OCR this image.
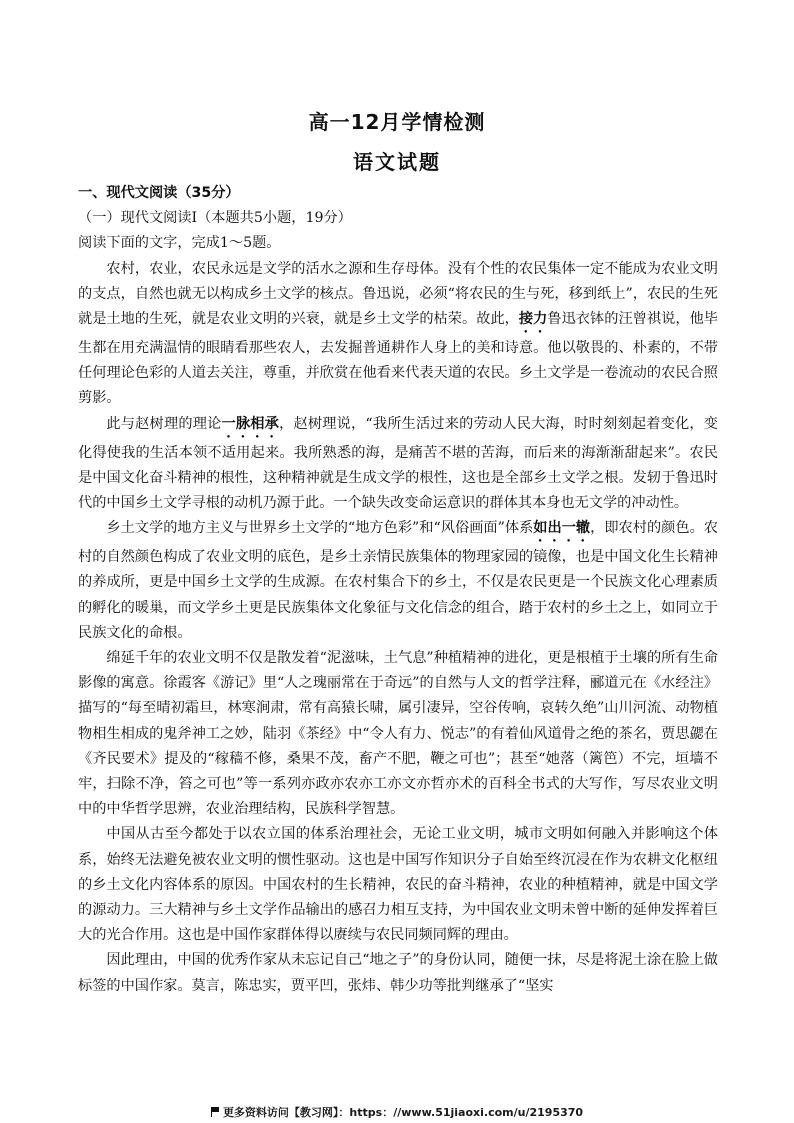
高一12月学情检测
语文试题

一、现代文阅读（35分）

（一）现代文阅读Ⅰ（本题共5小题，19分）

阅读下面的文字，完成1～5题。

农村，农业，农民永远是文学的活水之源和生存母体。没有个性的农民集体一定不能成为农业文明的支点，自然也就无以构成乡土文学的核点。鲁迅说，必须“将农民的生与死，移到纸上”，农民的生死就是土地的生死，就是农业文明的兴衰，就是乡土文学的枯荣。故此，接力鲁迅衣钵的汪曾祺说，他毕生都在用充满温情的眼睛看那些农人，去发掘普通耕作人身上的美和诗意。他以敬畏的、朴素的，不带任何理论色彩的人道去关注，尊重，并欣赏在他看来代表天道的农民。乡土文学是一卷流动的农民合照剪影。

此与赵树理的理论一脉相承，赵树理说，“我所生活过来的劳动人民大海，时时刻刻起着变化，变化得使我的生活本领不适用起来。我所熟悉的海，是痛苦不堪的苦海，而后来的海渐渐甜起来”。农民是中国文化奋斗精神的根性，这种精神就是生成文学的根性，这也是全部乡土文学之根。发轫于鲁迅时代的中国乡土文学寻根的动机乃源于此。一个缺失改变命运意识的群体其本身也无文学的冲动性。

乡土文学的地方主义与世界乡土文学的“地方色彩”和“风俗画面”体系如出一辙，即农村的颜色。农村的自然颜色构成了农业文明的底色，是乡土亲情民族集体的物理家园的镜像，也是中国文化生长精神的养成所，更是中国乡土文学的生成源。在农村集合下的乡土，不仅是农民更是一个民族文化心理素质的孵化的暖巢，而文学乡土更是民族集体文化象征与文化信念的组合，踏于农村的乡土之上，如同立于民族文化的命根。

绵延千年的农业文明不仅是散发着“泥滋味，土气息”种植精神的进化，更是根植于土壤的所有生命影像的寓意。徐霞客《游记》里“人之瑰丽常在于奇远”的自然与人文的哲学注释，郦道元在《水经注》描写的“每至晴初霜旦，林寒涧肃，常有高猿长啸，属引凄异，空谷传响，哀转久绝”山川河流、动物植物相生相成的鬼斧神工之妙，陆羽《茶经》中“令人有力、悦志”的有着仙风道骨之绝的茶名，贾思勰在《齐民要术》提及的“稼穑不修，桑果不茂，畜产不肥，鞭之可也”；甚至“她落（篱笆）不完，垣墙不牢，扫除不净，笞之可也”等一系列亦政亦农亦工亦文亦哲亦术的百科全书式的大写作，写尽农业文明中的中华哲学思辨，农业治理结构，民族科学智慧。

中国从古至今都处于以农立国的体系治理社会，无论工业文明，城市文明如何融入并影响这个体系，始终无法避免被农业文明的惯性驱动。这也是中国写作知识分子自始至终沉浸在作为农耕文化枢纽的乡土文化内容体系的原因。中国农村的生长精神，农民的奋斗精神，农业的种植精神，就是中国文学的源动力。三大精神与乡土文学作品输出的感召力相互支持，为中国农业文明未曾中断的延伸发挥着巨大的光合作用。这也是中国作家群体得以赓续与农民同频同辉的理由。

因此理由，中国的优秀作家从未忘记自己“地之子”的身份认同，随便一抹，尽是将泥土涂在脸上做标签的中国作家。莫言，陈忠实，贾平凹，张炜、韩少功等批判继承了“坚实

更多资料访问【教习网】：https：//www.51jiaoxi.com/u/2195370
